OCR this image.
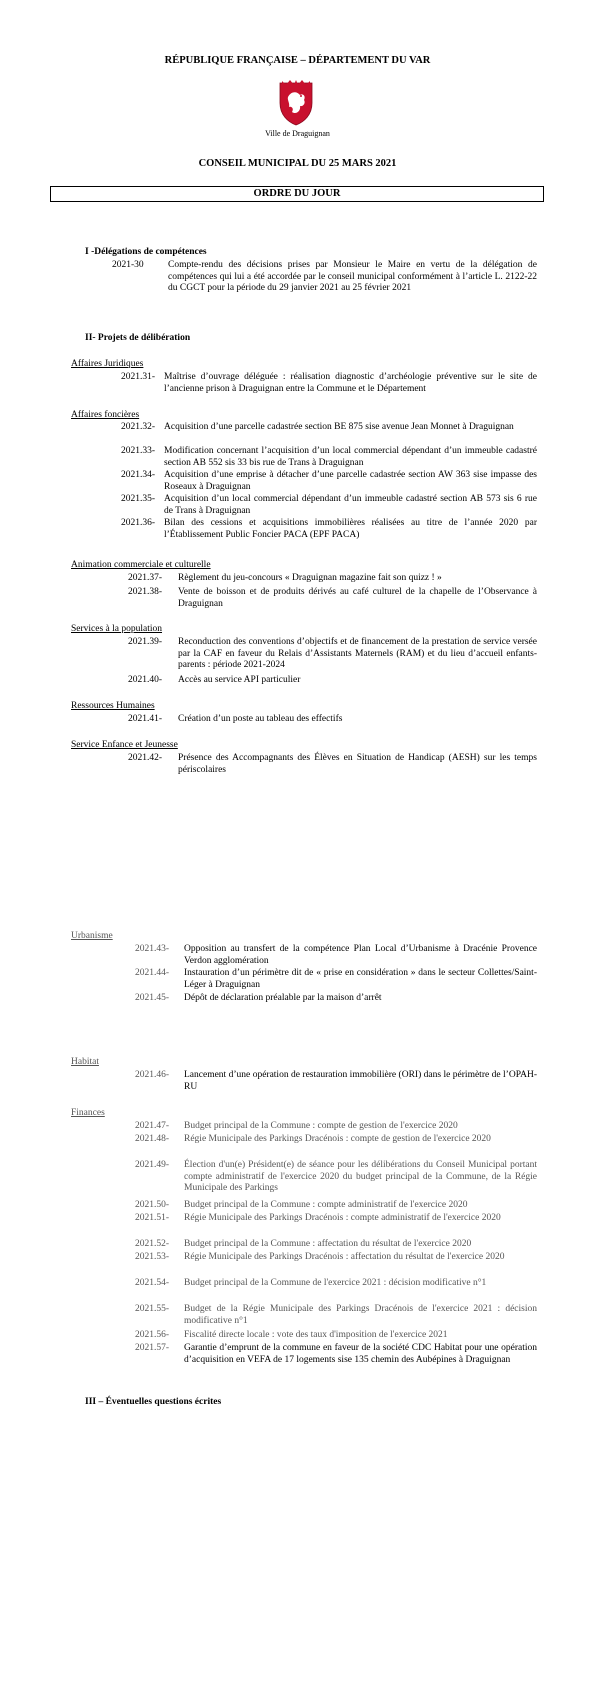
RÉPUBLIQUE FRANÇAISE – DÉPARTEMENT DU VAR
Ville de Draguignan
CONSEIL MUNICIPAL DU 25 MARS 2021
ORDRE DU JOUR
I -Délégations de compétences
2021-30	Compte-rendu des décisions prises par Monsieur le Maire en vertu de la délégation de compétences qui lui a été accordée par le conseil municipal conformément à l’article L. 2122-22 du CGCT pour la période du 29 janvier 2021 au 25 février 2021
II- Projets de délibération
Affaires Juridiques
2021.31- Maîtrise d’ouvrage déléguée : réalisation diagnostic d’archéologie préventive sur le site de l’ancienne prison à Draguignan entre la Commune et le Département
Affaires foncières
2021.32- Acquisition d’une parcelle cadastrée section BE 875 sise avenue Jean Monnet à Draguignan
2021.33- Modification concernant l’acquisition d’un local commercial dépendant d’un immeuble cadastré section AB 552 sis 33 bis rue de Trans à Draguignan
2021.34- Acquisition d’une emprise à détacher d’une parcelle cadastrée section AW 363 sise impasse des Roseaux à Draguignan
2021.35- Acquisition d’un local commercial dépendant d’un immeuble cadastré section AB 573 sis 6 rue de Trans à Draguignan
2021.36- Bilan des cessions et acquisitions immobilières réalisées au titre de l’année 2020 par l’Établissement Public Foncier PACA (EPF PACA)
Animation commerciale et culturelle
2021.37- Règlement du jeu-concours « Draguignan magazine fait son quizz ! »
2021.38- Vente de boisson et de produits dérivés au café culturel de la chapelle de l’Observance à Draguignan
Services à la population
2021.39- Reconduction des conventions d’objectifs et de financement de la prestation de service versée par la CAF en faveur du Relais d’Assistants Maternels (RAM) et du lieu d’accueil enfants-parents : période 2021-2024
2021.40- Accès au service API particulier
Ressources Humaines
2021.41- Création d’un poste au tableau des effectifs
Service Enfance et Jeunesse
2021.42- Présence des Accompagnants des Élèves en Situation de Handicap (AESH) sur les temps périscolaires
Urbanisme
2021.43- Opposition au transfert de la compétence Plan Local d’Urbanisme à Dracénie Provence Verdon agglomération
2021.44- Instauration d’un périmètre dit de « prise en considération » dans le secteur Collettes/Saint-Léger à Draguignan
2021.45- Dépôt de déclaration préalable par la maison d’arrêt
Habitat
2021.46- Lancement d’une opération de restauration immobilière (ORI) dans le périmètre de l’OPAH-RU
Finances
2021.47- Budget principal de la Commune : compte de gestion de l'exercice 2020
2021.48- Régie Municipale des Parkings Dracénois : compte de gestion de l'exercice 2020
2021.49- Élection d'un(e) Président(e) de séance pour les délibérations du Conseil Municipal portant compte administratif de l'exercice 2020 du budget principal de la Commune, de la Régie Municipale des Parkings
2021.50- Budget principal de la Commune : compte administratif de l'exercice 2020
2021.51- Régie Municipale des Parkings Dracénois : compte administratif de l'exercice 2020
2021.52- Budget principal de la Commune : affectation du résultat de l'exercice 2020
2021.53- Régie Municipale des Parkings Dracénois : affectation du résultat de l'exercice 2020
2021.54- Budget principal de la Commune de l'exercice 2021 : décision modificative n°1
2021.55- Budget de la Régie Municipale des Parkings Dracénois de l'exercice 2021 : décision modificative n°1
2021.56- Fiscalité directe locale : vote des taux d'imposition de l'exercice 2021
2021.57- Garantie d’emprunt de la commune en faveur de la société CDC Habitat pour une opération d’acquisition en VEFA de 17 logements sise 135 chemin des Aubépines à Draguignan
III – Éventuelles questions écrites
